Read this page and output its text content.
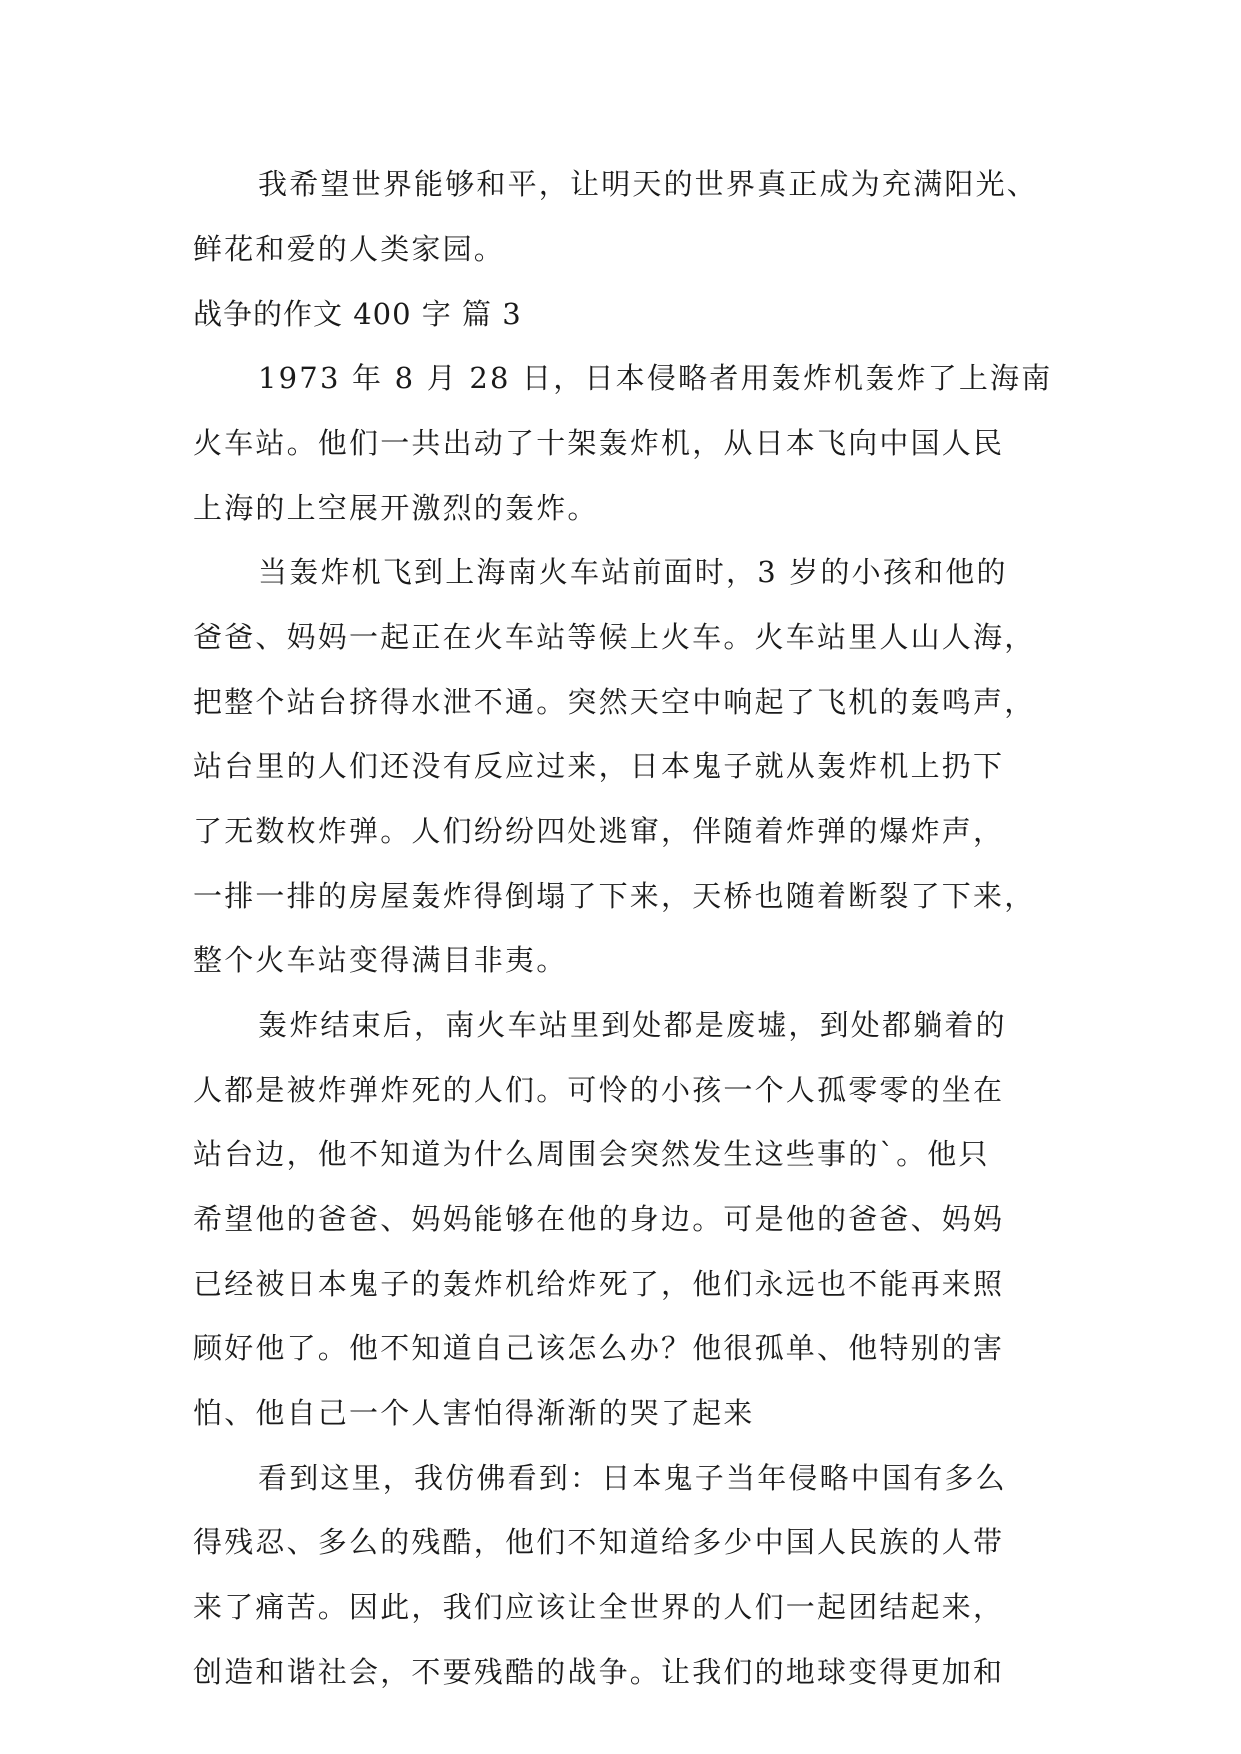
我希望世界能够和平，让明天的世界真正成为充满阳光、
鲜花和爱的人类家园。
战争的作文 400 字 篇 3
1973 年 8 月 28 日，日本侵略者用轰炸机轰炸了上海南
火车站。他们一共出动了十架轰炸机，从日本飞向中国人民
上海的上空展开激烈的轰炸。
当轰炸机飞到上海南火车站前面时，3 岁的小孩和他的
爸爸、妈妈一起正在火车站等候上火车。火车站里人山人海，
把整个站台挤得水泄不通。突然天空中响起了飞机的轰鸣声，
站台里的人们还没有反应过来，日本鬼子就从轰炸机上扔下
了无数枚炸弹。人们纷纷四处逃窜，伴随着炸弹的爆炸声，
一排一排的房屋轰炸得倒塌了下来，天桥也随着断裂了下来，
整个火车站变得满目非夷。
轰炸结束后，南火车站里到处都是废墟，到处都躺着的
人都是被炸弹炸死的人们。可怜的小孩一个人孤零零的坐在
站台边，他不知道为什么周围会突然发生这些事的`。他只
希望他的爸爸、妈妈能够在他的身边。可是他的爸爸、妈妈
已经被日本鬼子的轰炸机给炸死了，他们永远也不能再来照
顾好他了。他不知道自己该怎么办？他很孤单、他特别的害
怕、他自己一个人害怕得渐渐的哭了起来
看到这里，我仿佛看到：日本鬼子当年侵略中国有多么
得残忍、多么的残酷，他们不知道给多少中国人民族的人带
来了痛苦。因此，我们应该让全世界的人们一起团结起来，
创造和谐社会，不要残酷的战争。让我们的地球变得更加和
